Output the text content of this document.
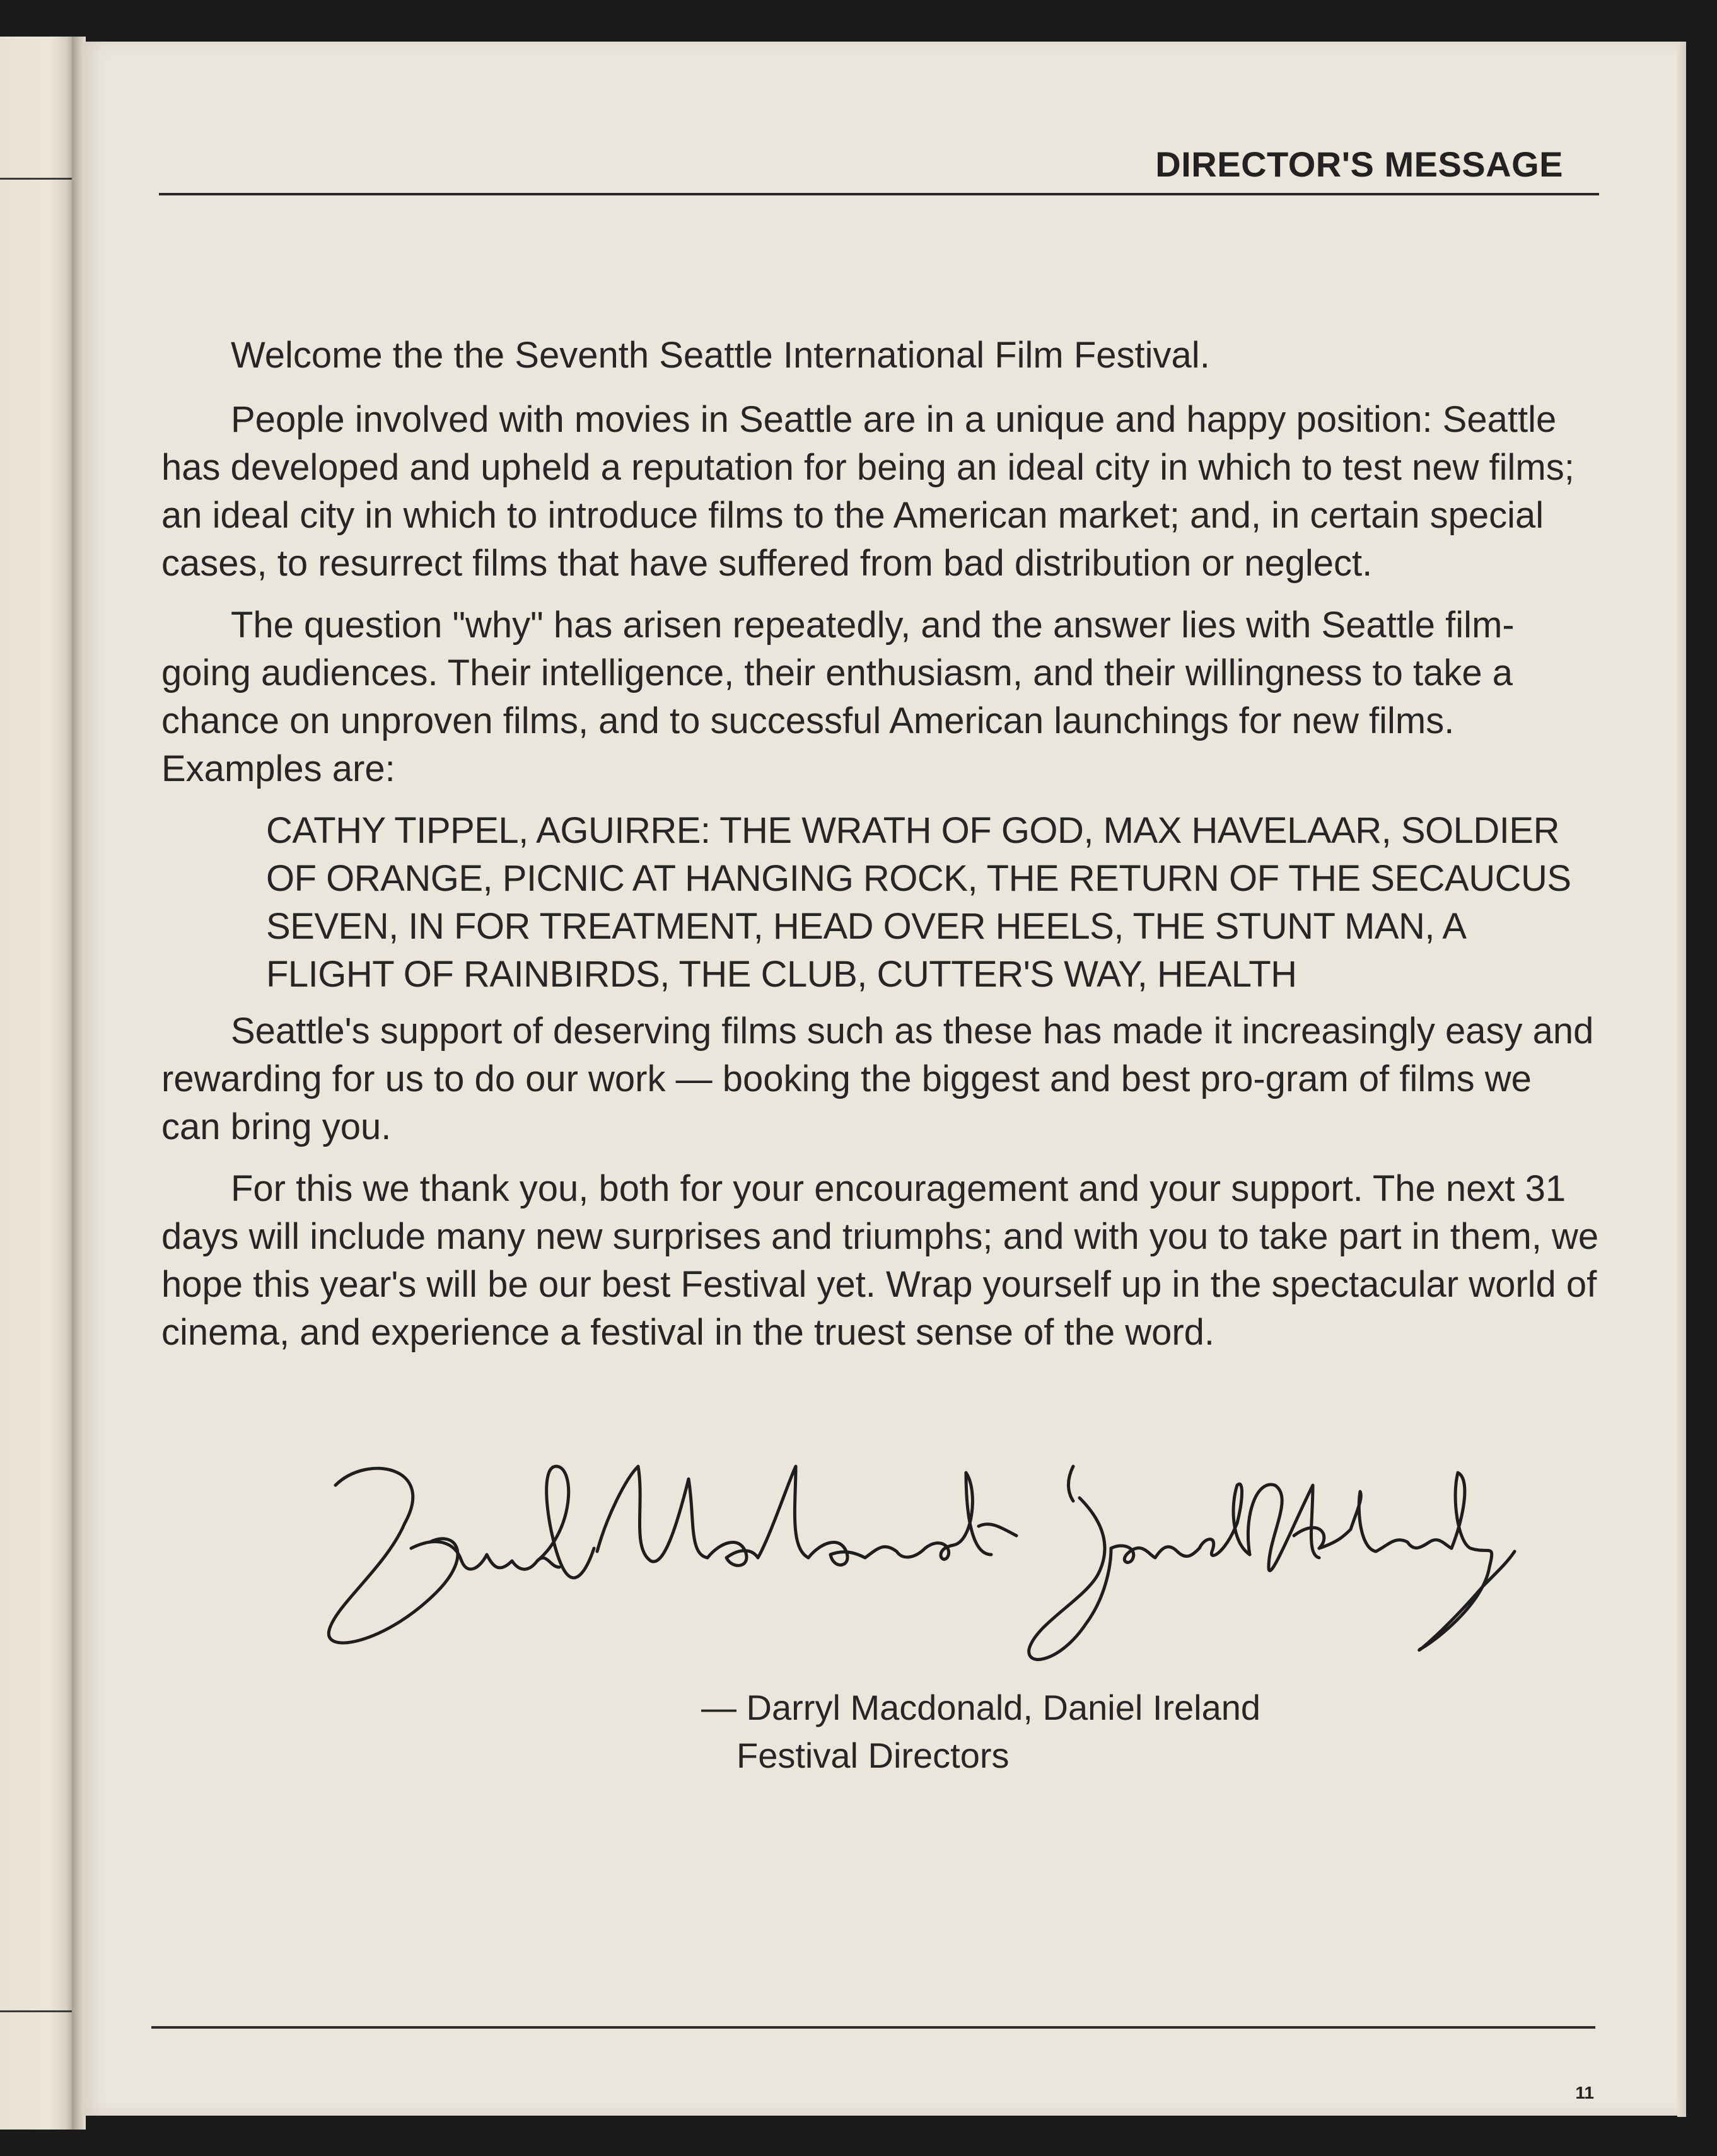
DIRECTOR'S MESSAGE

Welcome the the Seventh Seattle International Film Festival.

People involved with movies in Seattle are in a unique and happy position: Seattle has developed and upheld a reputation for being an ideal city in which to test new films; an ideal city in which to introduce films to the American market; and, in certain special cases, to resurrect films that have suffered from bad distribution or neglect.

The question "why" has arisen repeatedly, and the answer lies with Seattle film-going audiences. Their intelligence, their enthusiasm, and their willingness to take a chance on unproven films, and to successful American launchings for new films. Examples are:

CATHY TIPPEL, AGUIRRE: THE WRATH OF GOD, MAX HAVELAAR, SOLDIER OF ORANGE, PICNIC AT HANGING ROCK, THE RETURN OF THE SECAUCUS SEVEN, IN FOR TREATMENT, HEAD OVER HEELS, THE STUNT MAN, A FLIGHT OF RAINBIRDS, THE CLUB, CUTTER'S WAY, HEALTH

Seattle's support of deserving films such as these has made it increasingly easy and rewarding for us to do our work — booking the biggest and best pro-gram of films we can bring you.

For this we thank you, both for your encouragement and your support. The next 31 days will include many new surprises and triumphs; and with you to take part in them, we hope this year's will be our best Festival yet. Wrap yourself up in the spectacular world of cinema, and experience a festival in the truest sense of the word.

— Darryl Macdonald, Daniel Ireland
Festival Directors
11
